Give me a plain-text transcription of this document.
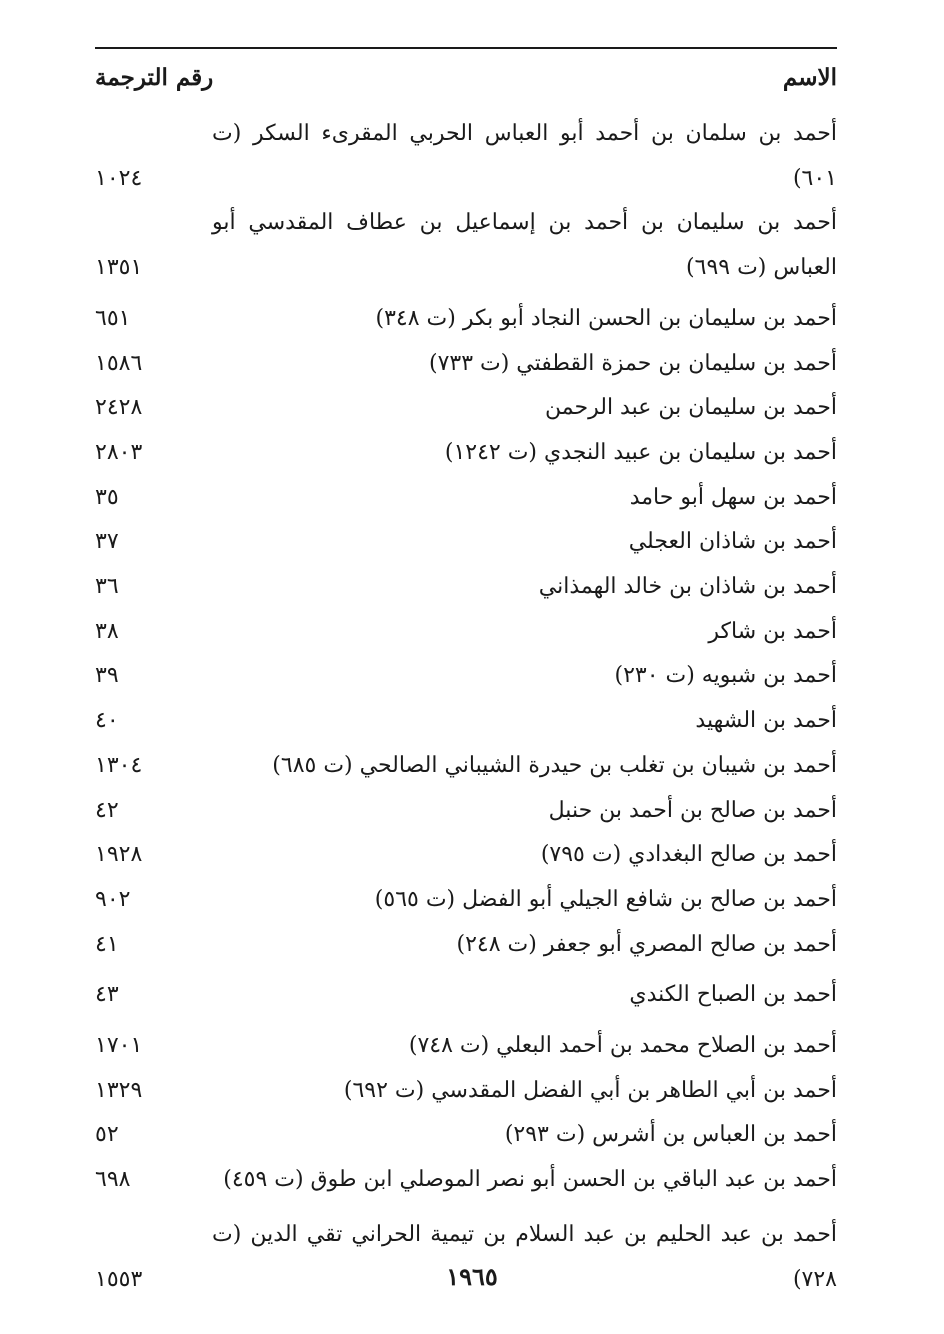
الاسم
رقم الترجمة
أحمد بن سلمان بن أحمد أبو العباس الحربي المقرىء السكر (ت ٦٠١)
١٠٢٤
أحمد بن سليمان بن أحمد بن إسماعيل بن عطاف المقدسي أبو العباس (ت ٦٩٩)
١٣٥١
أحمد بن سليمان بن الحسن النجاد أبو بكر (ت ٣٤٨)
٦٥١
أحمد بن سليمان بن حمزة القطفتي (ت ٧٣٣)
١٥٨٦
أحمد بن سليمان بن عبد الرحمن
٢٤٢٨
أحمد بن سليمان بن عبيد النجدي (ت ١٢٤٢)
٢٨٠٣
أحمد بن سهل أبو حامد
٣٥
أحمد بن شاذان العجلي
٣٧
أحمد بن شاذان بن خالد الهمذاني
٣٦
أحمد بن شاكر
٣٨
أحمد بن شبويه (ت ٢٣٠)
٣٩
أحمد بن الشهيد
٤٠
أحمد بن شيبان بن تغلب بن حيدرة الشيباني الصالحي (ت ٦٨٥)
١٣٠٤
أحمد بن صالح بن أحمد بن حنبل
٤٢
أحمد بن صالح البغدادي (ت ٧٩٥)
١٩٢٨
أحمد بن صالح بن شافع الجيلي أبو الفضل (ت ٥٦٥)
٩٠٢
أحمد بن صالح المصري أبو جعفر (ت ٢٤٨)
٤١
أحمد بن الصباح الكندي
٤٣
أحمد بن الصلاح محمد بن أحمد البعلي (ت ٧٤٨)
١٧٠١
أحمد بن أبي الطاهر بن أبي الفضل المقدسي (ت ٦٩٢)
١٣٢٩
أحمد بن العباس بن أشرس (ت ٢٩٣)
٥٢
أحمد بن عبد الباقي بن الحسن أبو نصر الموصلي ابن طوق (ت ٤٥٩)
٦٩٨
أحمد بن عبد الحليم بن عبد السلام بن تيمية الحراني تقي الدين (ت ٧٢٨)
١٥٥٣	١٩٦٥
